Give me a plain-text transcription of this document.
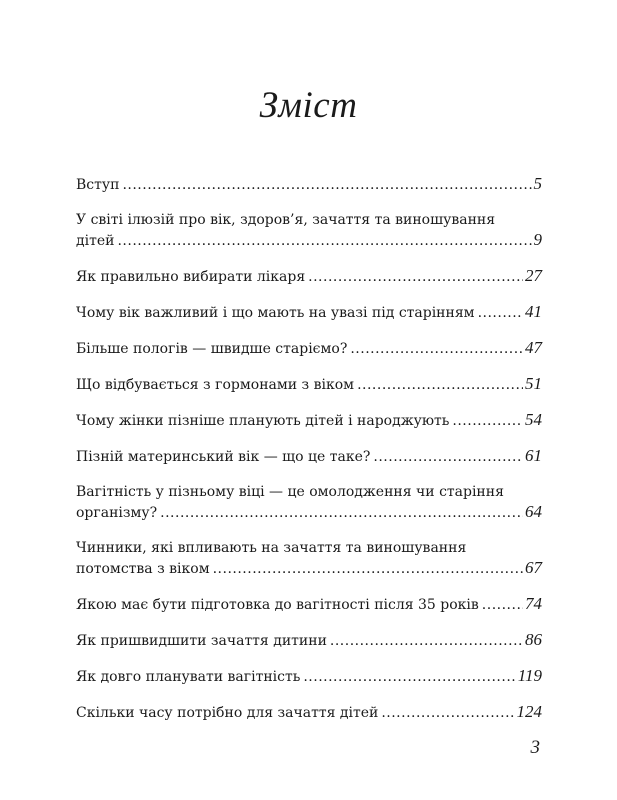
Зміст
Вступ .....	5
У світі ілюзій про вік, здоров’я, зачаття та виношування
дітей .....	9
Як правильно вибирати лікаря .....	27
Чому вік важливий і що мають на увазі під старінням .....	41
Більше пологів — швидше старіємо? .....	47
Що відбувається з гормонами з віком .....	51
Чому жінки пізніше планують дітей і народжують .....	54
Пізній материнський вік — що це таке? .....	61
Вагітність у пізньому віці — це омолодження чи старіння
організму? .....	64
Чинники, які впливають на зачаття та виношування
потомства з віком .....	67
Якою має бути підготовка до вагітності після 35 років .....	74
Як пришвидшити зачаття дитини .....	86
Як довго планувати вагітність .....	119
Скільки часу потрібно для зачаття дітей .....	124
3
